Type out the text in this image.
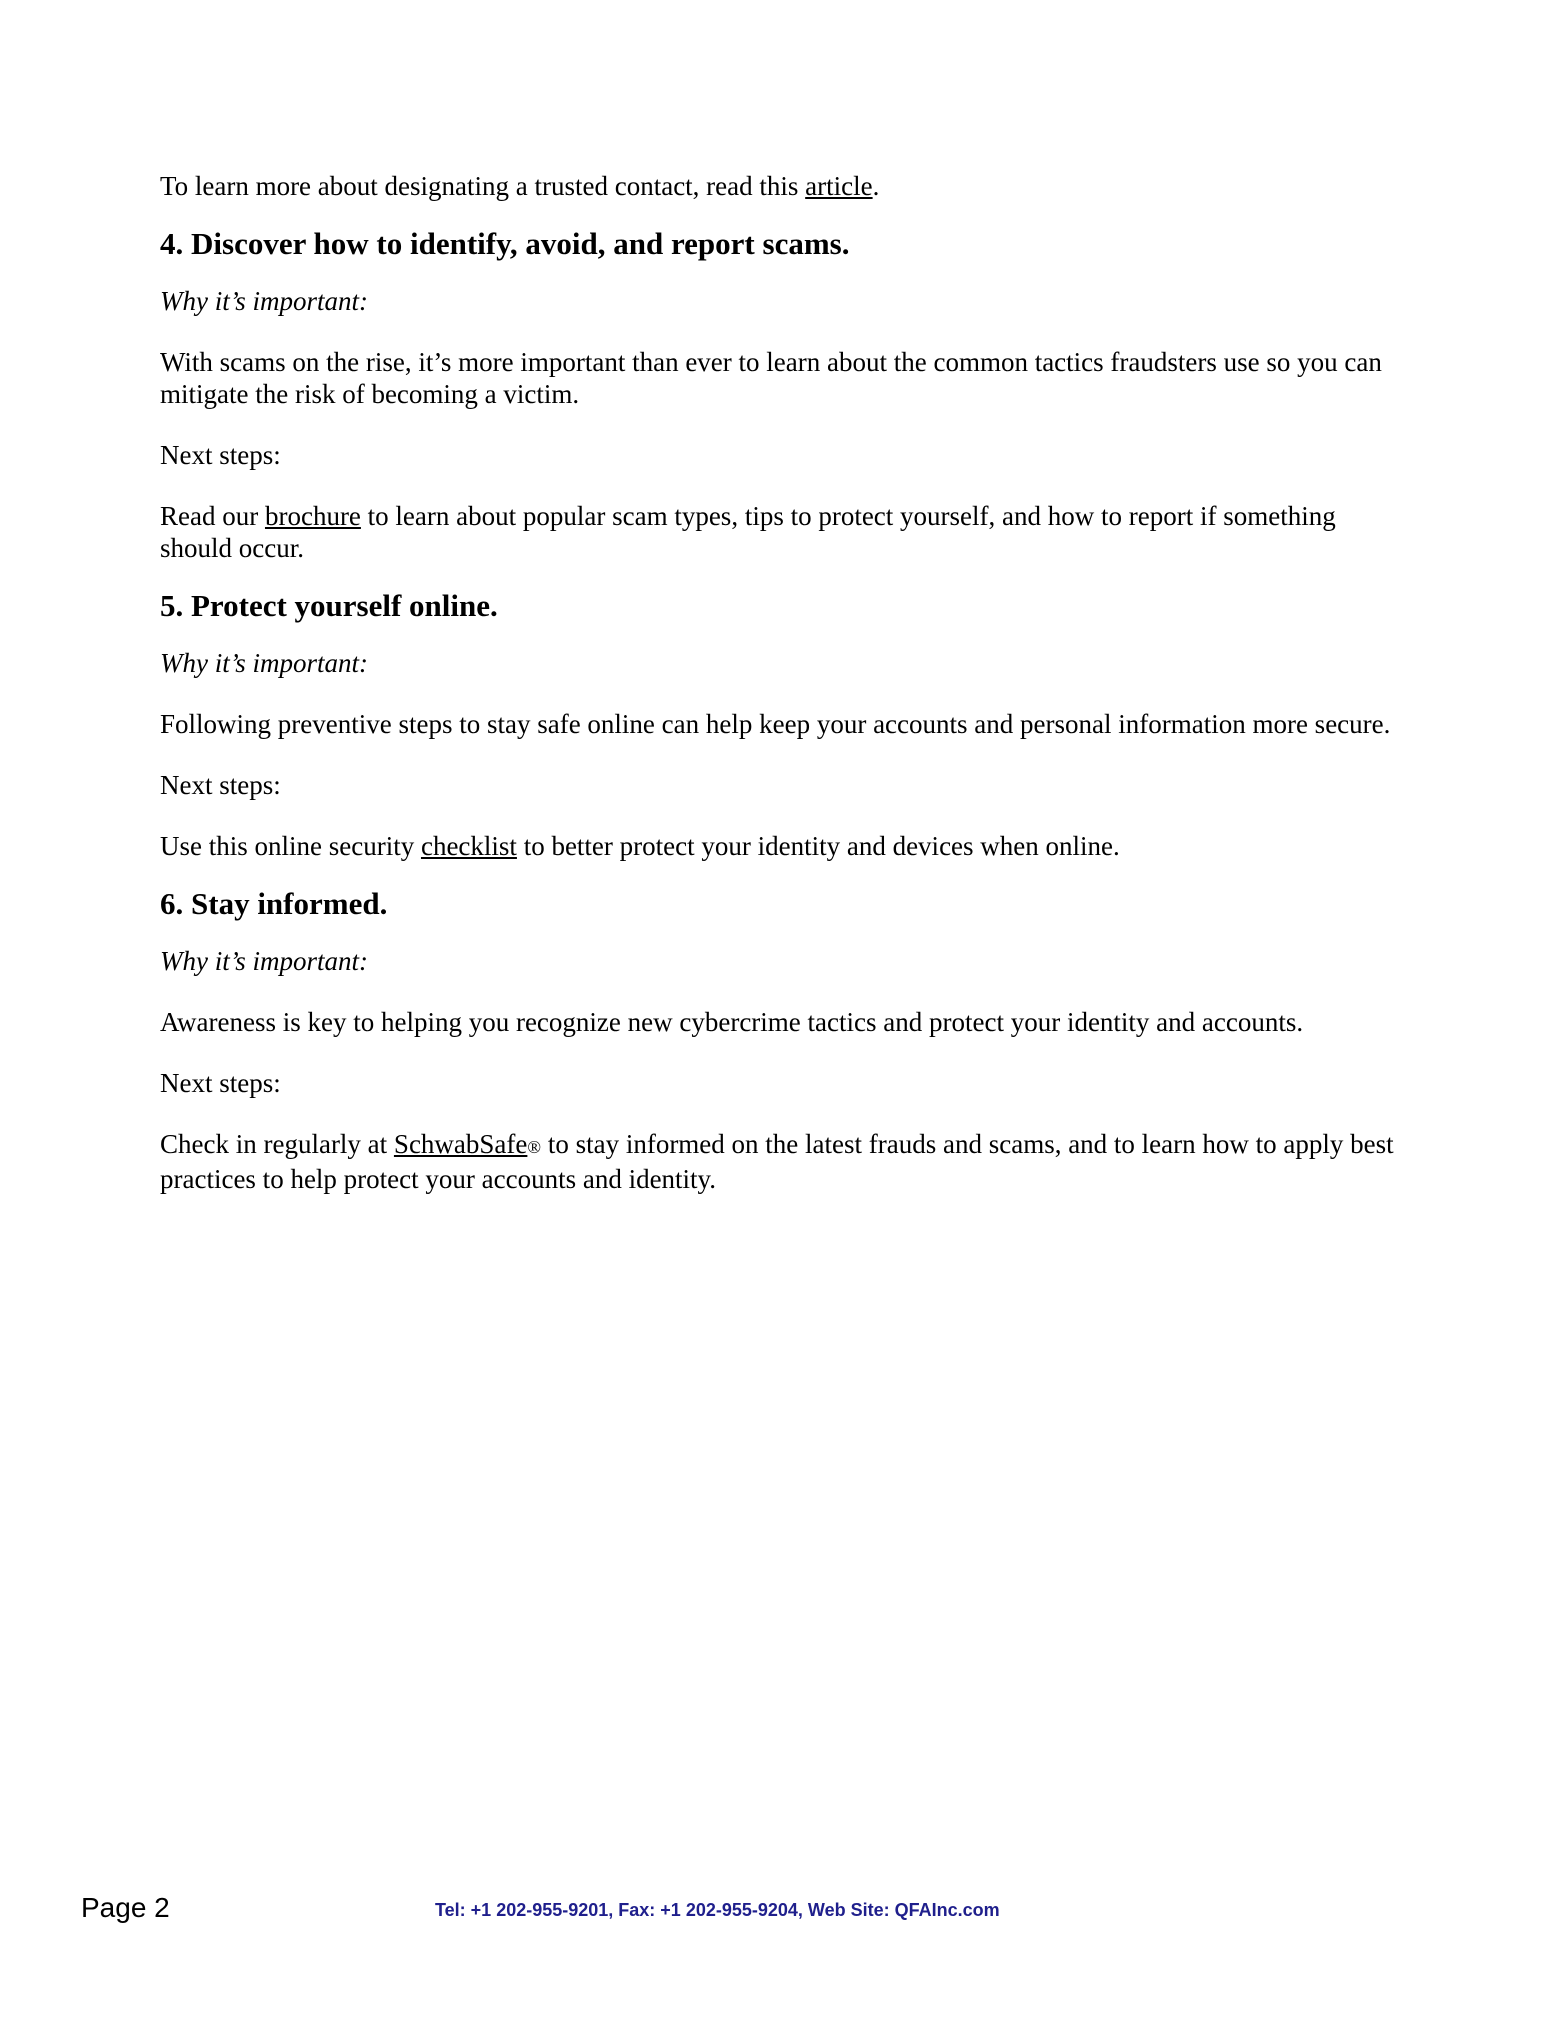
To learn more about designating a trusted contact, read this article.

4. Discover how to identify, avoid, and report scams.

Why it’s important:

With scams on the rise, it’s more important than ever to learn about the common tactics fraudsters use so you can mitigate the risk of becoming a victim.

Next steps:

Read our brochure to learn about popular scam types, tips to protect yourself, and how to report if something should occur.

5. Protect yourself online.

Why it’s important:

Following preventive steps to stay safe online can help keep your accounts and personal information more secure.

Next steps:

Use this online security checklist to better protect your identity and devices when online.

6. Stay informed.

Why it’s important:

Awareness is key to helping you recognize new cybercrime tactics and protect your identity and accounts.

Next steps:

Check in regularly at SchwabSafe® to stay informed on the latest frauds and scams, and to learn how to apply best practices to help protect your accounts and identity.

Page 2	Tel: +1 202-955-9201, Fax: +1 202-955-9204, Web Site: QFAInc.com
